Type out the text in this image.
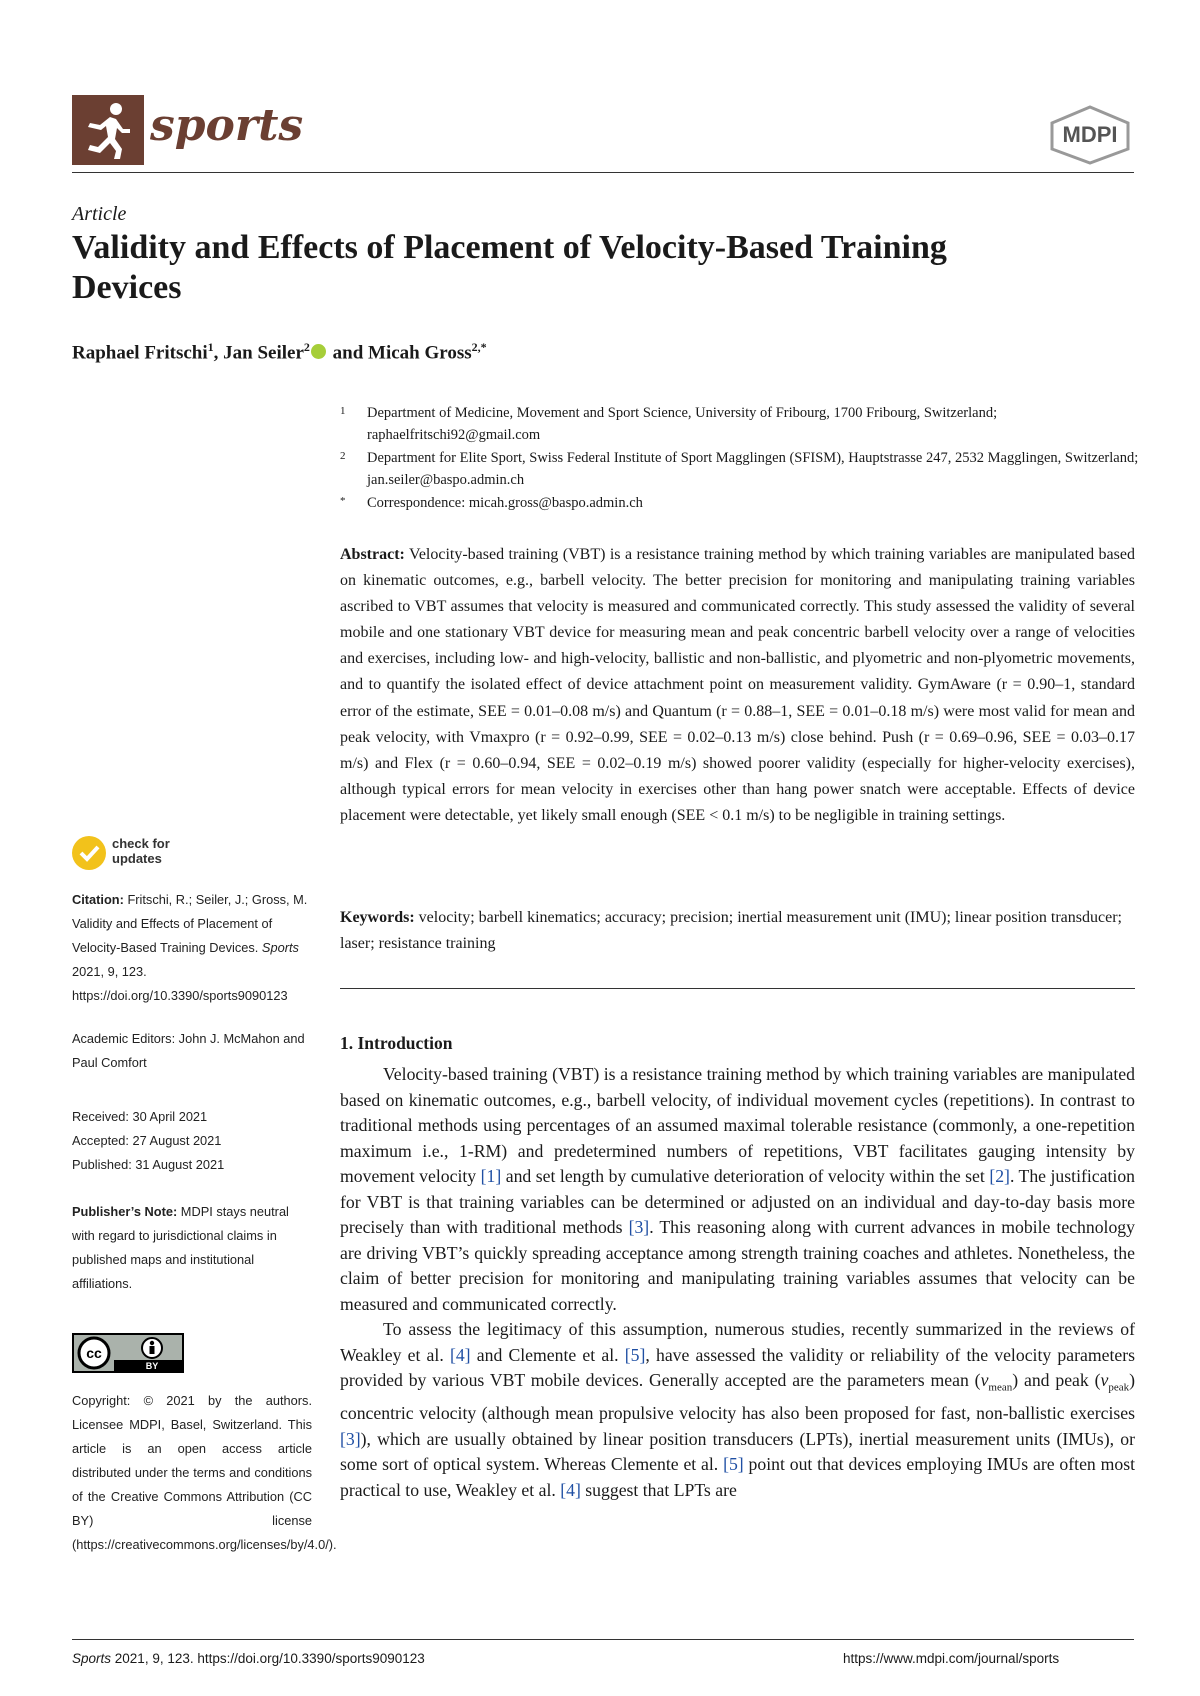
sports	MDPI
Article
Validity and Effects of Placement of Velocity-Based Training Devices
Raphael Fritschi$^1$, Jan Seiler$^2$ and Micah Gross$^{2,*}$
1	Department of Medicine, Movement and Sport Science, University of Fribourg, 1700 Fribourg, Switzerland; raphaelfritschi92@gmail.com
2	Department for Elite Sport, Swiss Federal Institute of Sport Magglingen (SFISM), Hauptstrasse 247, 2532 Magglingen, Switzerland; jan.seiler@baspo.admin.ch
*	Correspondence: micah.gross@baspo.admin.ch
Abstract: Velocity-based training (VBT) is a resistance training method by which training variables are manipulated based on kinematic outcomes, e.g., barbell velocity. The better precision for monitoring and manipulating training variables ascribed to VBT assumes that velocity is measured and communicated correctly. This study assessed the validity of several mobile and one stationary VBT device for measuring mean and peak concentric barbell velocity over a range of velocities and exercises, including low- and high-velocity, ballistic and non-ballistic, and plyometric and non-plyometric movements, and to quantify the isolated effect of device attachment point on measurement validity. GymAware (r = 0.90–1, standard error of the estimate, SEE = 0.01–0.08 m/s) and Quantum (r = 0.88–1, SEE = 0.01–0.18 m/s) were most valid for mean and peak velocity, with Vmaxpro (r = 0.92–0.99, SEE = 0.02–0.13 m/s) close behind. Push (r = 0.69–0.96, SEE = 0.03–0.17 m/s) and Flex (r = 0.60–0.94, SEE = 0.02–0.19 m/s) showed poorer validity (especially for higher-velocity exercises), although typical errors for mean velocity in exercises other than hang power snatch were acceptable. Effects of device placement were detectable, yet likely small enough (SEE < 0.1 m/s) to be negligible in training settings.
Keywords: velocity; barbell kinematics; accuracy; precision; inertial measurement unit (IMU); linear position transducer; laser; resistance training
1. Introduction

Velocity-based training (VBT) is a resistance training method by which training variables are manipulated based on kinematic outcomes, e.g., barbell velocity, of individual movement cycles (repetitions). In contrast to traditional methods using percentages of an assumed maximal tolerable resistance (commonly, a one-repetition maximum i.e., 1-RM) and predetermined numbers of repetitions, VBT facilitates gauging intensity by movement velocity [1] and set length by cumulative deterioration of velocity within the set [2]. The justification for VBT is that training variables can be determined or adjusted on an individual and day-to-day basis more precisely than with traditional methods [3]. This reasoning along with current advances in mobile technology are driving VBT’s quickly spreading acceptance among strength training coaches and athletes. Nonetheless, the claim of better precision for monitoring and manipulating training variables assumes that velocity can be measured and communicated correctly.

To assess the legitimacy of this assumption, numerous studies, recently summarized in the reviews of Weakley et al. [4] and Clemente et al. [5], have assessed the validity or reliability of the velocity parameters provided by various VBT mobile devices. Generally accepted are the parameters mean $(v_{mean})$ and peak $(v_{peak})$ concentric velocity (although mean propulsive velocity has also been proposed for fast, non-ballistic exercises [3]), which are usually obtained by linear position transducers (LPTs), inertial measurement units (IMUs), or some sort of optical system. Whereas Clemente et al. [5] point out that devices employing IMUs are often most practical to use, Weakley et al. [4] suggest that LPTs are

check for
updates
Citation: Fritschi, R.; Seiler, J.; Gross, M. Validity and Effects of Placement of Velocity-Based Training Devices. Sports 2021, 9, 123. https://doi.org/10.3390/sports9090123
Academic Editors: John J. McMahon and Paul Comfort
Received: 30 April 2021
Accepted: 27 August 2021
Published: 31 August 2021
Publisher’s Note: MDPI stays neutral with regard to jurisdictional claims in published maps and institutional affiliations.
cc
BY
Copyright: © 2021 by the authors. Licensee MDPI, Basel, Switzerland. This article is an open access article distributed under the terms and conditions of the Creative Commons Attribution (CC BY) license (https://creativecommons.org/licenses/by/4.0/).
Sports 2021, 9, 123. https://doi.org/10.3390/sports9090123	https://www.mdpi.com/journal/sports
